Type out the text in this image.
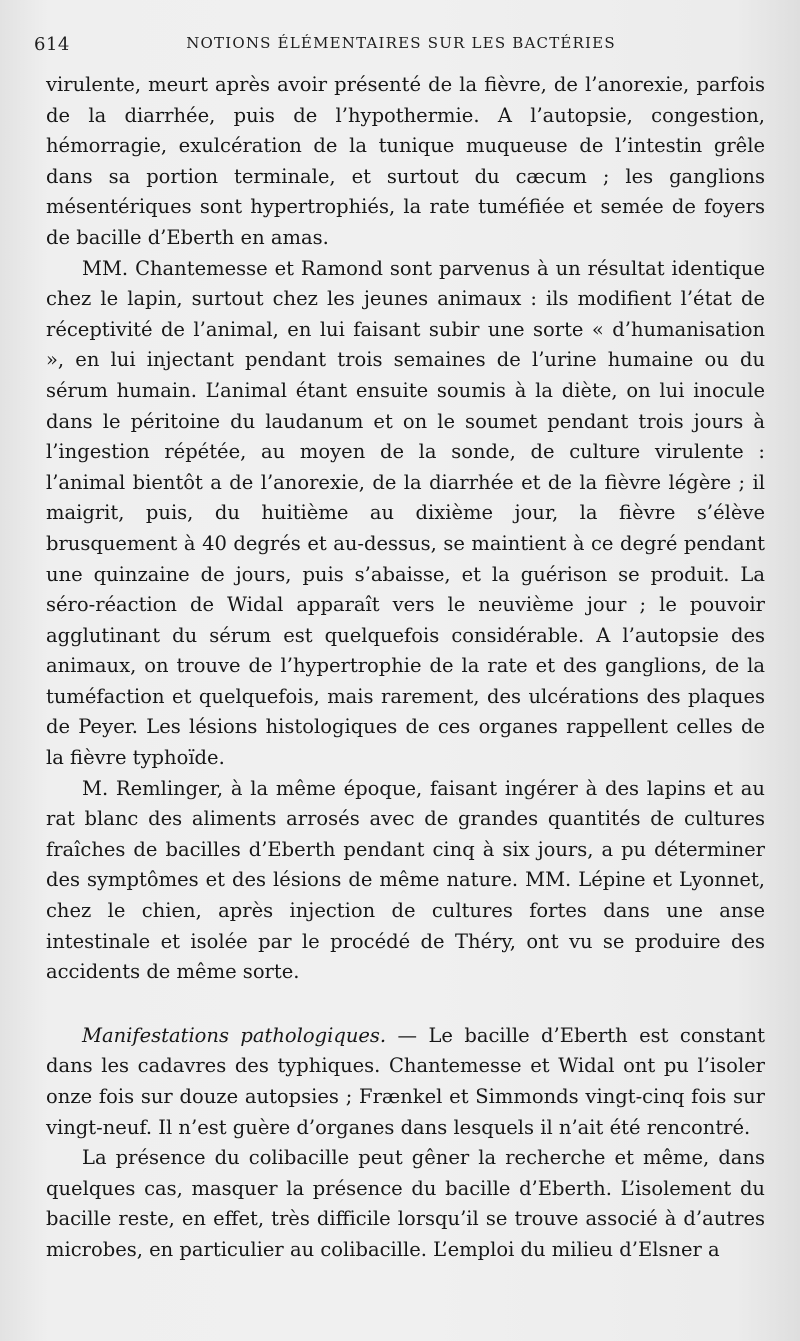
614	NOTIONS ÉLÉMENTAIRES SUR LES BACTÉRIES

virulente, meurt après avoir présenté de la fièvre, de l’anorexie, parfois de la diarrhée, puis de l’hypothermie. A l’autopsie, congestion, hémorragie, exulcération de la tunique muqueuse de l’intestin grêle dans sa portion terminale, et surtout du cæcum ; les ganglions mésentériques sont hypertrophiés, la rate tuméfiée et semée de foyers de bacille d’Eberth en amas.

MM. Chantemesse et Ramond sont parvenus à un résultat identique chez le lapin, surtout chez les jeunes animaux : ils modifient l’état de réceptivité de l’animal, en lui faisant subir une sorte « d’humanisation », en lui injectant pendant trois semaines de l’urine humaine ou du sérum humain. L’animal étant ensuite soumis à la diète, on lui inocule dans le péritoine du laudanum et on le soumet pendant trois jours à l’ingestion répétée, au moyen de la sonde, de culture virulente : l’animal bientôt a de l’anorexie, de la diarrhée et de la fièvre légère ; il maigrit, puis, du huitième au dixième jour, la fièvre s’élève brusquement à 40 degrés et au-dessus, se maintient à ce degré pendant une quinzaine de jours, puis s’abaisse, et la guérison se produit. La séro-réaction de Widal apparaît vers le neuvième jour ; le pouvoir agglutinant du sérum est quelquefois considérable. A l’autopsie des animaux, on trouve de l’hypertrophie de la rate et des ganglions, de la tuméfaction et quelquefois, mais rarement, des ulcérations des plaques de Peyer. Les lésions histologiques de ces organes rappellent celles de la fièvre typhoïde.

M. Remlinger, à la même époque, faisant ingérer à des lapins et au rat blanc des aliments arrosés avec de grandes quantités de cultures fraîches de bacilles d’Eberth pendant cinq à six jours, a pu déterminer des symptômes et des lésions de même nature. MM. Lépine et Lyonnet, chez le chien, après injection de cultures fortes dans une anse intestinale et isolée par le procédé de Théry, ont vu se produire des accidents de même sorte.

Manifestations pathologiques. — Le bacille d’Eberth est constant dans les cadavres des typhiques. Chantemesse et Widal ont pu l’isoler onze fois sur douze autopsies ; Frænkel et Simmonds vingt-cinq fois sur vingt-neuf. Il n’est guère d’organes dans lesquels il n’ait été rencontré.

La présence du colibacille peut gêner la recherche et même, dans quelques cas, masquer la présence du bacille d’Eberth. L’isolement du bacille reste, en effet, très difficile lorsqu’il se trouve associé à d’autres microbes, en particulier au colibacille. L’emploi du milieu d’Elsner a
